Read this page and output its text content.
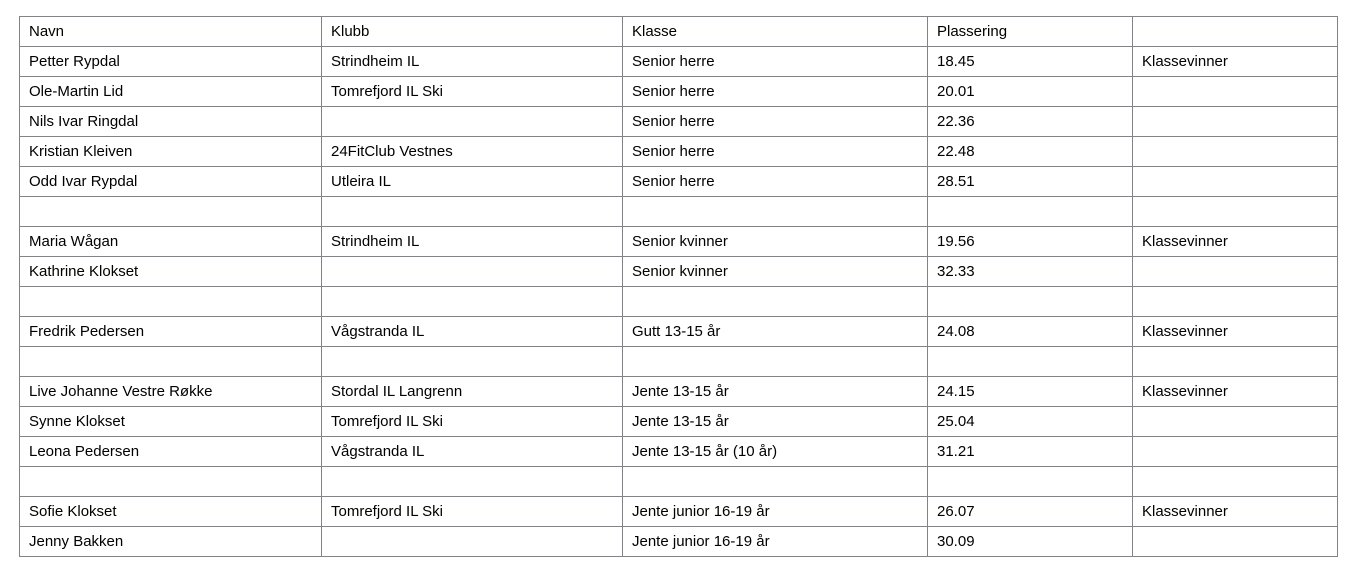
Navn	Klubb	Klasse	Plassering	
Petter Rypdal	Strindheim IL	Senior herre	18.45	Klassevinner
Ole-Martin Lid	Tomrefjord IL Ski	Senior herre	20.01	
Nils Ivar Ringdal		Senior herre	22.36	
Kristian Kleiven	24FitClub Vestnes	Senior herre	22.48	
Odd Ivar Rypdal	Utleira IL	Senior herre	28.51	

Maria Wågan	Strindheim IL	Senior kvinner	19.56	Klassevinner
Kathrine Klokset		Senior kvinner	32.33	

Fredrik Pedersen	Vågstranda IL	Gutt 13-15 år	24.08	Klassevinner

Live Johanne Vestre Røkke	Stordal IL Langrenn	Jente 13-15 år	24.15	Klassevinner
Synne Klokset	Tomrefjord IL Ski	Jente 13-15 år	25.04	
Leona Pedersen	Vågstranda IL	Jente 13-15 år (10 år)	31.21	

Sofie Klokset	Tomrefjord IL Ski	Jente junior 16-19 år	26.07	Klassevinner
Jenny Bakken		Jente junior 16-19 år	30.09	
